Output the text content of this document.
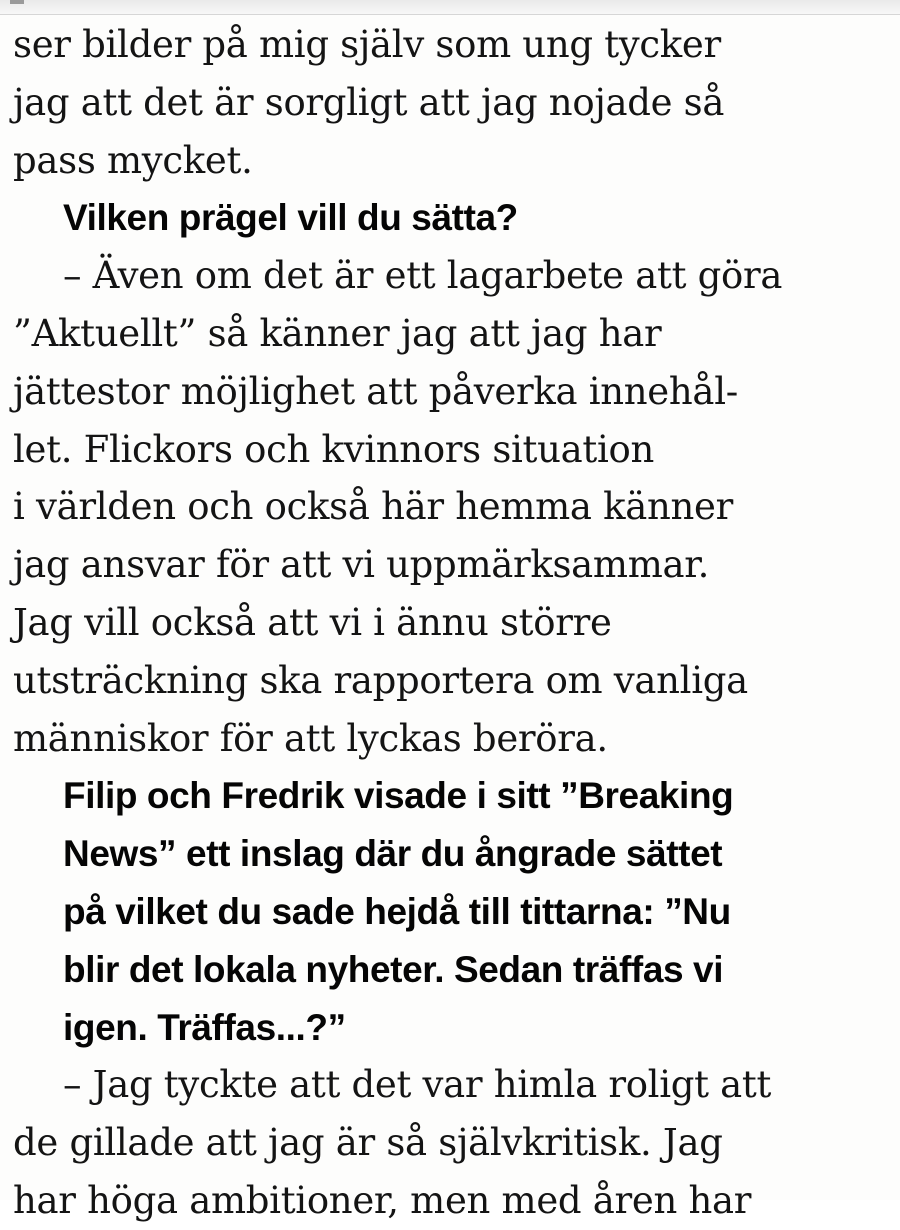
ser bilder på mig själv som ung tycker
jag att det är sorgligt att jag nojade så
pass mycket.
Vilken prägel vill du sätta?
– Även om det är ett lagarbete att göra
”Aktuellt” så känner jag att jag har
jättestor möjlighet att påverka innehål-
let. Flickors och kvinnors situation
i världen och också här hemma känner
jag ansvar för att vi uppmärksammar.
Jag vill också att vi i ännu större
utsträckning ska rapportera om vanliga
människor för att lyckas beröra.
Filip och Fredrik visade i sitt ”Breaking
News” ett inslag där du ångrade sättet
på vilket du sade hejdå till tittarna: ”Nu
blir det lokala nyheter. Sedan träffas vi
igen. Träffas...?”
– Jag tyckte att det var himla roligt att
de gillade att jag är så självkritisk. Jag
har höga ambitioner, men med åren har
